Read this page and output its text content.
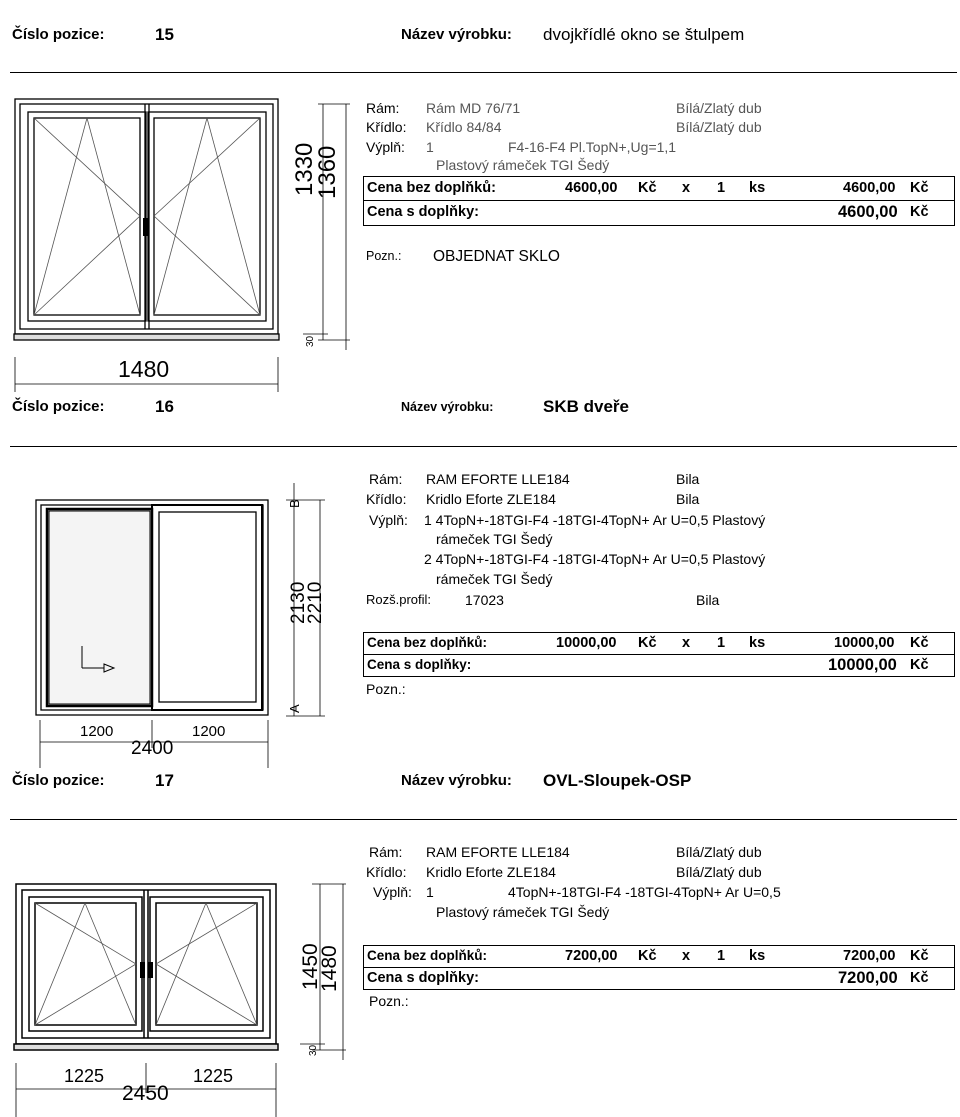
Číslo pozice:	15	Název výrobku: dvojkřídlé okno se štulpem
1330
1360
30
1480
Rám: Rám MD 76/71	Bílá/Zlatý dub
Křídlo: Křídlo 84/84	Bílá/Zlatý dub
Výplň: 1	F4-16-F4 Pl.TopN+,Ug=1,1
Plastový rámeček TGI Šedý
Cena bez doplňků:	4600,00 Kč x 1 ks	4600,00 Kč
Cena s doplňky:	4600,00 Kč
Pozn.: OBJEDNAT SKLO
Číslo pozice:	16	Název výrobku:	SKB dveře
B
2130
2210
A
1200	1200
2400
Rám: RAM EFORTE LLE184	Bila
Křídlo: Kridlo Eforte ZLE184	Bila
Výplň: 1 4TopN+-18TGI-F4 -18TGI-4TopN+ Ar U=0,5 Plastový
rámeček TGI Šedý
2 4TopN+-18TGI-F4 -18TGI-4TopN+ Ar U=0,5 Plastový
rámeček TGI Šedý
Rozš.profil: 17023	Bila
Cena bez doplňků:	10000,00 Kč x 1 ks	10000,00 Kč
Cena s doplňky:	10000,00 Kč
Pozn.:
Číslo pozice:	17	Název výrobku: OVL-Sloupek-OSP
1450
1480
30
1225	1225
2450
Rám: RAM EFORTE LLE184	Bílá/Zlatý dub
Křídlo: Kridlo Eforte ZLE184	Bílá/Zlatý dub
Výplň: 1	4TopN+-18TGI-F4 -18TGI-4TopN+ Ar U=0,5
Plastový rámeček TGI Šedý
Cena bez doplňků:	7200,00 Kč x 1 ks	7200,00 Kč
Cena s doplňky:	7200,00 Kč
Pozn.:
